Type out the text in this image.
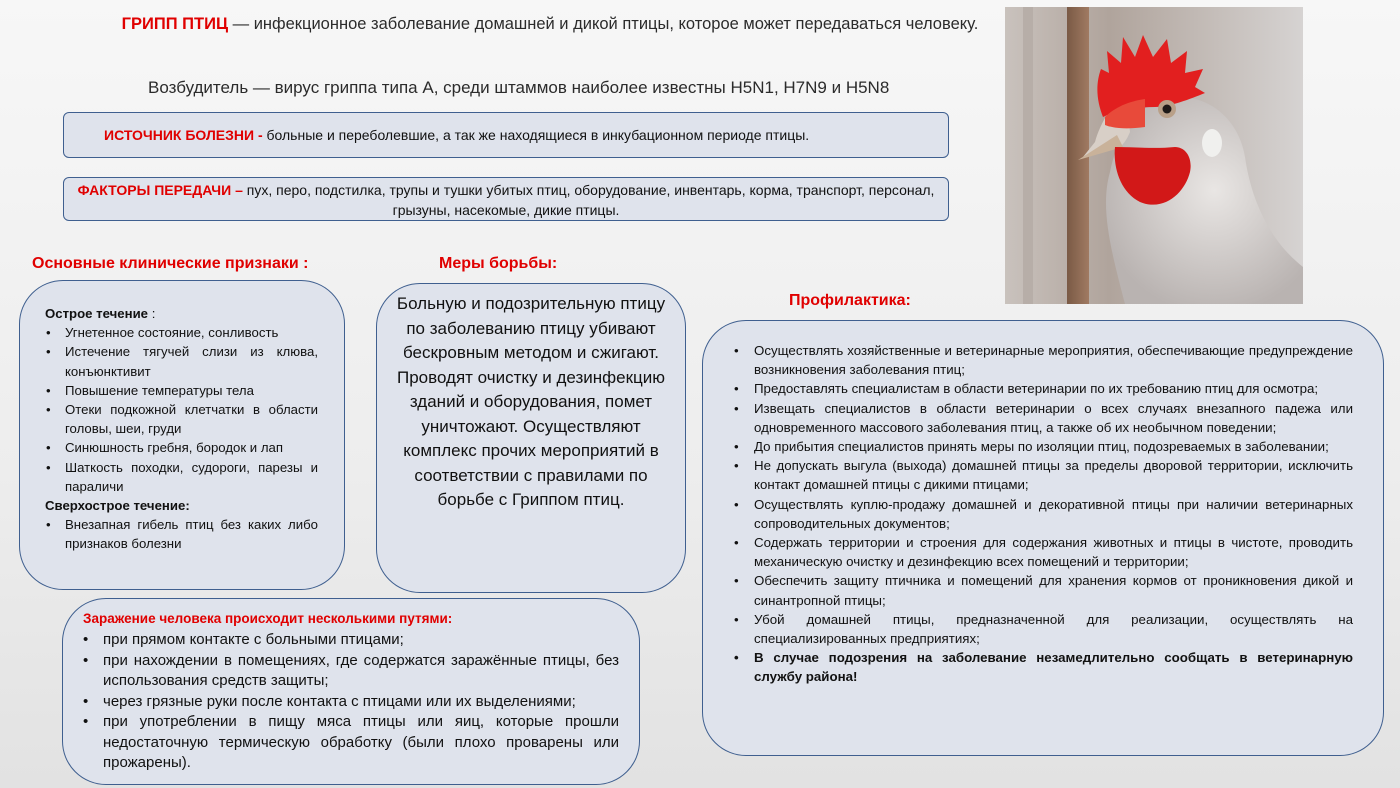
ГРИПП ПТИЦ — инфекционное заболевание домашней и дикой птицы, которое может передаваться человеку.
Возбудитель — вирус гриппа типа А, среди штаммов наиболее известны H5N1, H7N9 и H5N8
ИСТОЧНИК БОЛЕЗНИ - больные и переболевшие, а так же находящиеся в инкубационном периоде птицы.
ФАКТОРЫ ПЕРЕДАЧИ – пух, перо, подстилка, трупы и тушки убитых птиц, оборудование, инвентарь, корма, транспорт, персонал, грызуны, насекомые, дикие птицы.
Основные клинические признаки :	Меры борьбы:
Профилактика:
Острое течение :
• Угнетенное состояние, сонливость
• Истечение тягучей слизи из клюва, конъюнктивит
• Повышение температуры тела
• Отеки подкожной клетчатки в области головы, шеи, груди
• Синюшность гребня, бородок и лап
• Шаткость походки, судороги, парезы и параличи
Сверхострое течение:
• Внезапная гибель птиц без каких либо признаков болезни
Больную и подозрительную птицу по заболеванию птицу убивают бескровным методом и сжигают. Проводят очистку и дезинфекцию зданий и оборудования, помет уничтожают. Осуществляют комплекс прочих мероприятий в соответствии с правилами по борьбе с Гриппом птиц.
Заражение человека происходит несколькими путями:
• при прямом контакте с больными птицами;
• при нахождении в помещениях, где содержатся заражённые птицы, без использования средств защиты;
• через грязные руки после контакта с птицами или их выделениями;
• при употреблении в пищу мяса птицы или яиц, которые прошли недостаточную термическую обработку (были плохо проварены или прожарены).
• Осуществлять хозяйственные и ветеринарные мероприятия, обеспечивающие предупреждение возникновения заболевания птиц;
• Предоставлять специалистам в области ветеринарии по их требованию птиц для осмотра;
• Извещать специалистов в области ветеринарии о всех случаях внезапного падежа или одновременного массового заболевания птиц, а также об их необычном поведении;
• До прибытия специалистов принять меры по изоляции птиц, подозреваемых в заболевании;
• Не допускать выгула (выхода) домашней птицы за пределы дворовой территории, исключить контакт домашней птицы с дикими птицами;
• Осуществлять куплю-продажу домашней и декоративной птицы при наличии ветеринарных сопроводительных документов;
• Содержать территории и строения для содержания животных и птицы в чистоте, проводить механическую очистку и дезинфекцию всех помещений и территории;
• Обеспечить защиту птичника и помещений для хранения кормов от проникновения дикой и синантропной птицы;
• Убой домашней птицы, предназначенной для реализации, осуществлять на специализированных предприятиях;
• В случае подозрения на заболевание незамедлительно сообщать в ветеринарную службу района!
